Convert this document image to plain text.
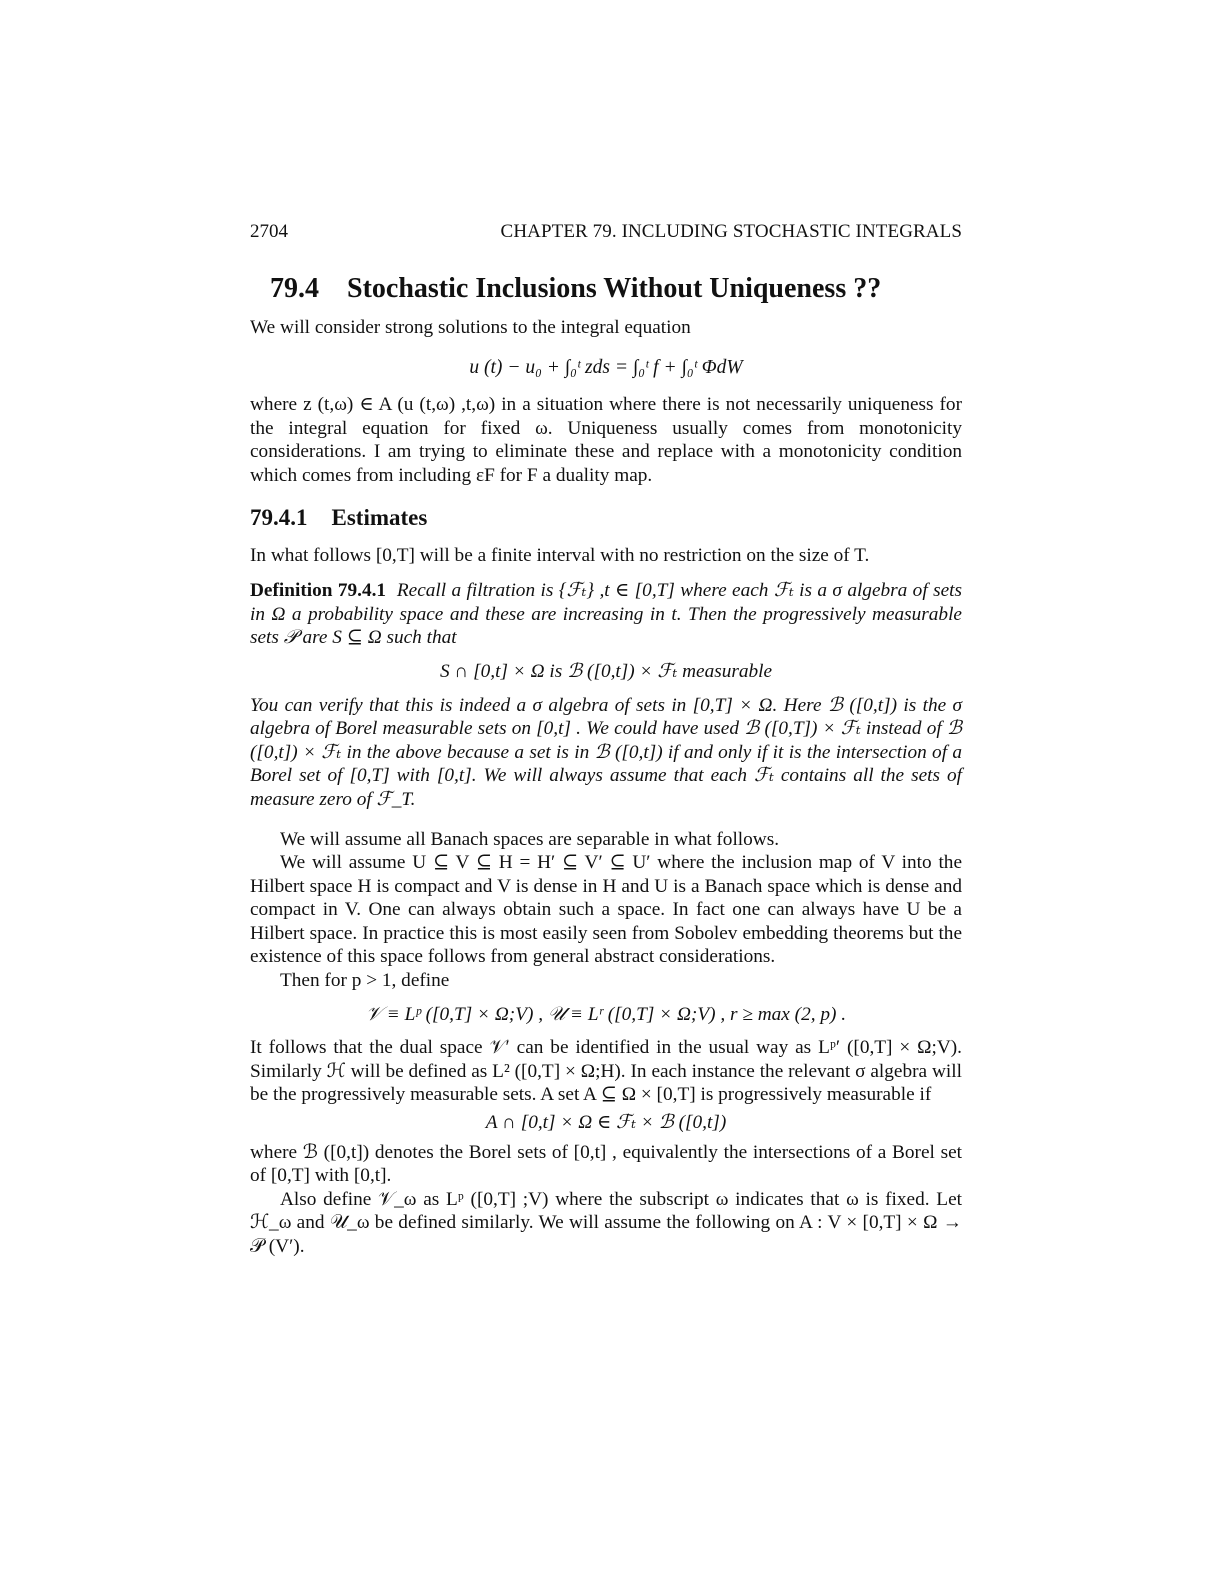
2704	CHAPTER 79. INCLUDING STOCHASTIC INTEGRALS
79.4 Stochastic Inclusions Without Uniqueness ??

We will consider strong solutions to the integral equation

u (t) − u₀ + ∫₀ᵗ zds = ∫₀ᵗ f + ∫₀ᵗ ΦdW

where z (t,ω) ∈ A (u (t,ω) ,t,ω) in a situation where there is not necessarily uniqueness for the integral equation for fixed ω. Uniqueness usually comes from monotonicity considerations. I am trying to eliminate these and replace with a monotonicity condition which comes from including εF for F a duality map.

79.4.1 Estimates

In what follows [0,T] will be a finite interval with no restriction on the size of T.

Definition 79.4.1 Recall a filtration is {ℱₜ} ,t ∈ [0,T] where each ℱₜ is a σ algebra of sets in Ω a probability space and these are increasing in t. Then the progressively measurable sets 𝒫 are S ⊆ Ω such that
S ∩ [0,t] × Ω is ℬ ([0,t]) × ℱₜ measurable

You can verify that this is indeed a σ algebra of sets in [0,T] × Ω. Here ℬ ([0,t]) is the σ algebra of Borel measurable sets on [0,t] . We could have used ℬ ([0,T]) × ℱₜ instead of ℬ ([0,t]) × ℱₜ in the above because a set is in ℬ ([0,t]) if and only if it is the intersection of a Borel set of [0,T] with [0,t]. We will always assume that each ℱₜ contains all the sets of measure zero of ℱ_T.

We will assume all Banach spaces are separable in what follows.

We will assume U ⊆ V ⊆ H = H′ ⊆ V′ ⊆ U′ where the inclusion map of V into the Hilbert space H is compact and V is dense in H and U is a Banach space which is dense and compact in V. One can always obtain such a space. In fact one can always have U be a Hilbert space. In practice this is most easily seen from Sobolev embedding theorems but the existence of this space follows from general abstract considerations.

Then for p > 1, define

𝒱 ≡ Lᵖ ([0,T] × Ω;V) , 𝒰 ≡ Lʳ ([0,T] × Ω;V) , r ≥ max (2, p) .

It follows that the dual space 𝒱′ can be identified in the usual way as Lᵖ′ ([0,T] × Ω;V). Similarly ℋ will be defined as L² ([0,T] × Ω;H). In each instance the relevant σ algebra will be the progressively measurable sets. A set A ⊆ Ω × [0,T] is progressively measurable if

A ∩ [0,t] × Ω ∈ ℱₜ × ℬ ([0,t])

where ℬ ([0,t]) denotes the Borel sets of [0,t] , equivalently the intersections of a Borel set of [0,T] with [0,t].

Also define 𝒱_ω as Lᵖ ([0,T] ;V) where the subscript ω indicates that ω is fixed. Let ℋ_ω and 𝒰_ω be defined similarly. We will assume the following on A : V × [0,T] × Ω → 𝒫 (V′).
